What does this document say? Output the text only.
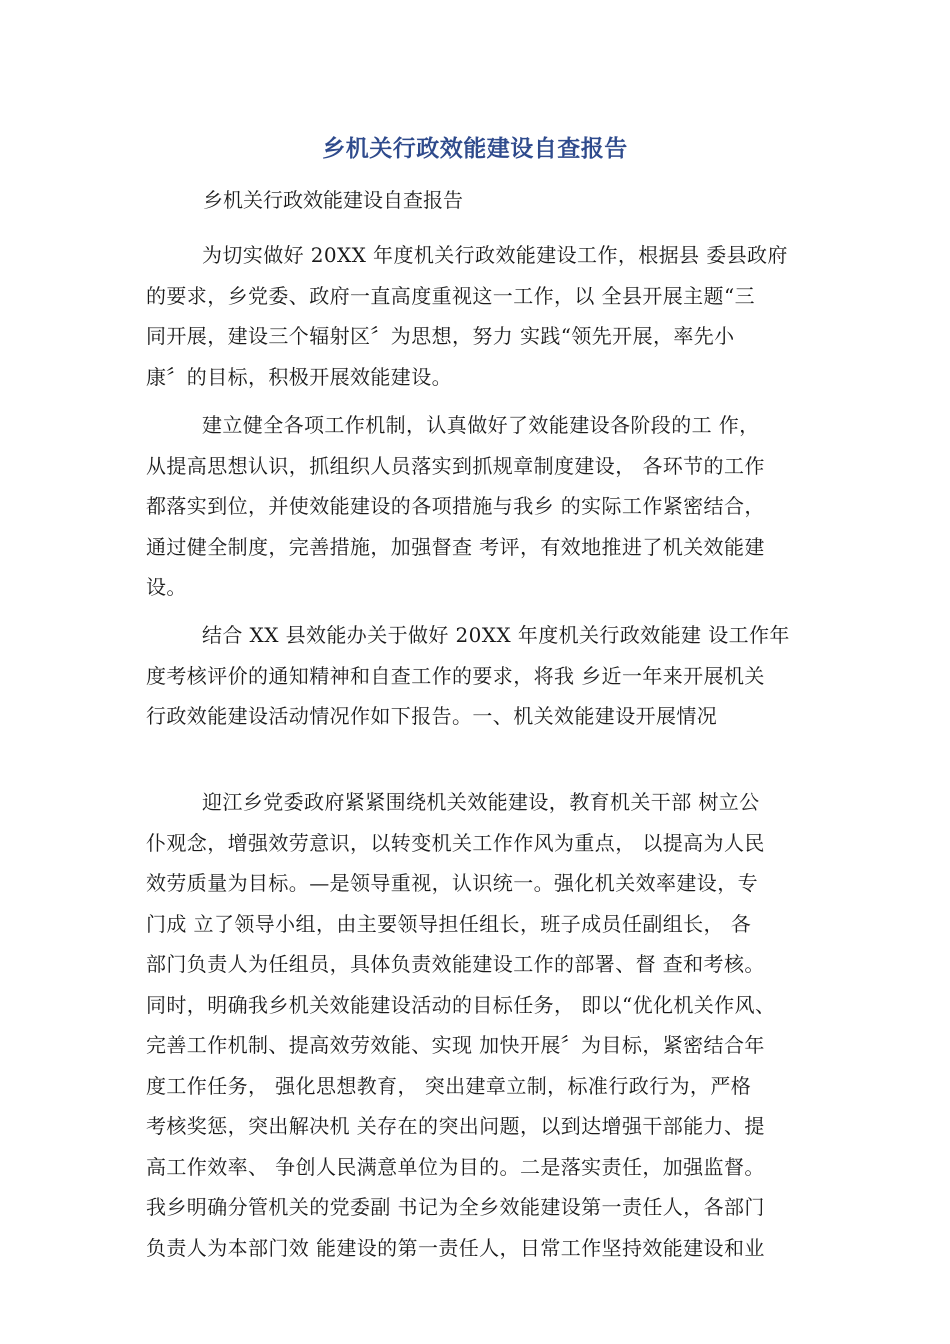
乡机关行政效能建设自查报告

乡机关行政效能建设自查报告

为切实做好 20XX 年度机关行政效能建设工作，根据县 委县政府
的要求，乡党委、政府一直高度重视这一工作，以 全县开展主题“三
同开展，建设三个辐射区〞为思想，努力 实践“领先开展，率先小
康〞的目标，积极开展效能建设。

建立健全各项工作机制，认真做好了效能建设各阶段的工 作，
从提高思想认识，抓组织人员落实到抓规章制度建设， 各环节的工作
都落实到位，并使效能建设的各项措施与我乡 的实际工作紧密结合，
通过健全制度，完善措施，加强督查 考评，有效地推进了机关效能建
设。

结合 XX 县效能办关于做好 20XX 年度机关行政效能建 设工作年
度考核评价的通知精神和自查工作的要求，将我 乡近一年来开展机关
行政效能建设活动情况作如下报告。一、机关效能建设开展情况

迎江乡党委政府紧紧围绕机关效能建设，教育机关干部 树立公
仆观念，增强效劳意识，以转变机关工作作风为重点， 以提高为人民
效劳质量为目标。—是领导重视，认识统一。强化机关效率建设，专
门成 立了领导小组，由主要领导担任组长，班子成员任副组长， 各
部门负责人为任组员，具体负责效能建设工作的部署、督 查和考核。
同时，明确我乡机关效能建设活动的目标任务， 即以“优化机关作风、
完善工作机制、提高效劳效能、实现 加快开展〞为目标，紧密结合年
度工作任务， 强化思想教育， 突出建章立制，标准行政行为，严格
考核奖惩，突出解决机 关存在的突出问题，以到达增强干部能力、提
高工作效率、 争创人民满意单位为目的。二是落实责任，加强监督。
我乡明确分管机关的党委副 书记为全乡效能建设第一责任人，各部门
负责人为本部门效 能建设的第一责任人，日常工作坚持效能建设和业
